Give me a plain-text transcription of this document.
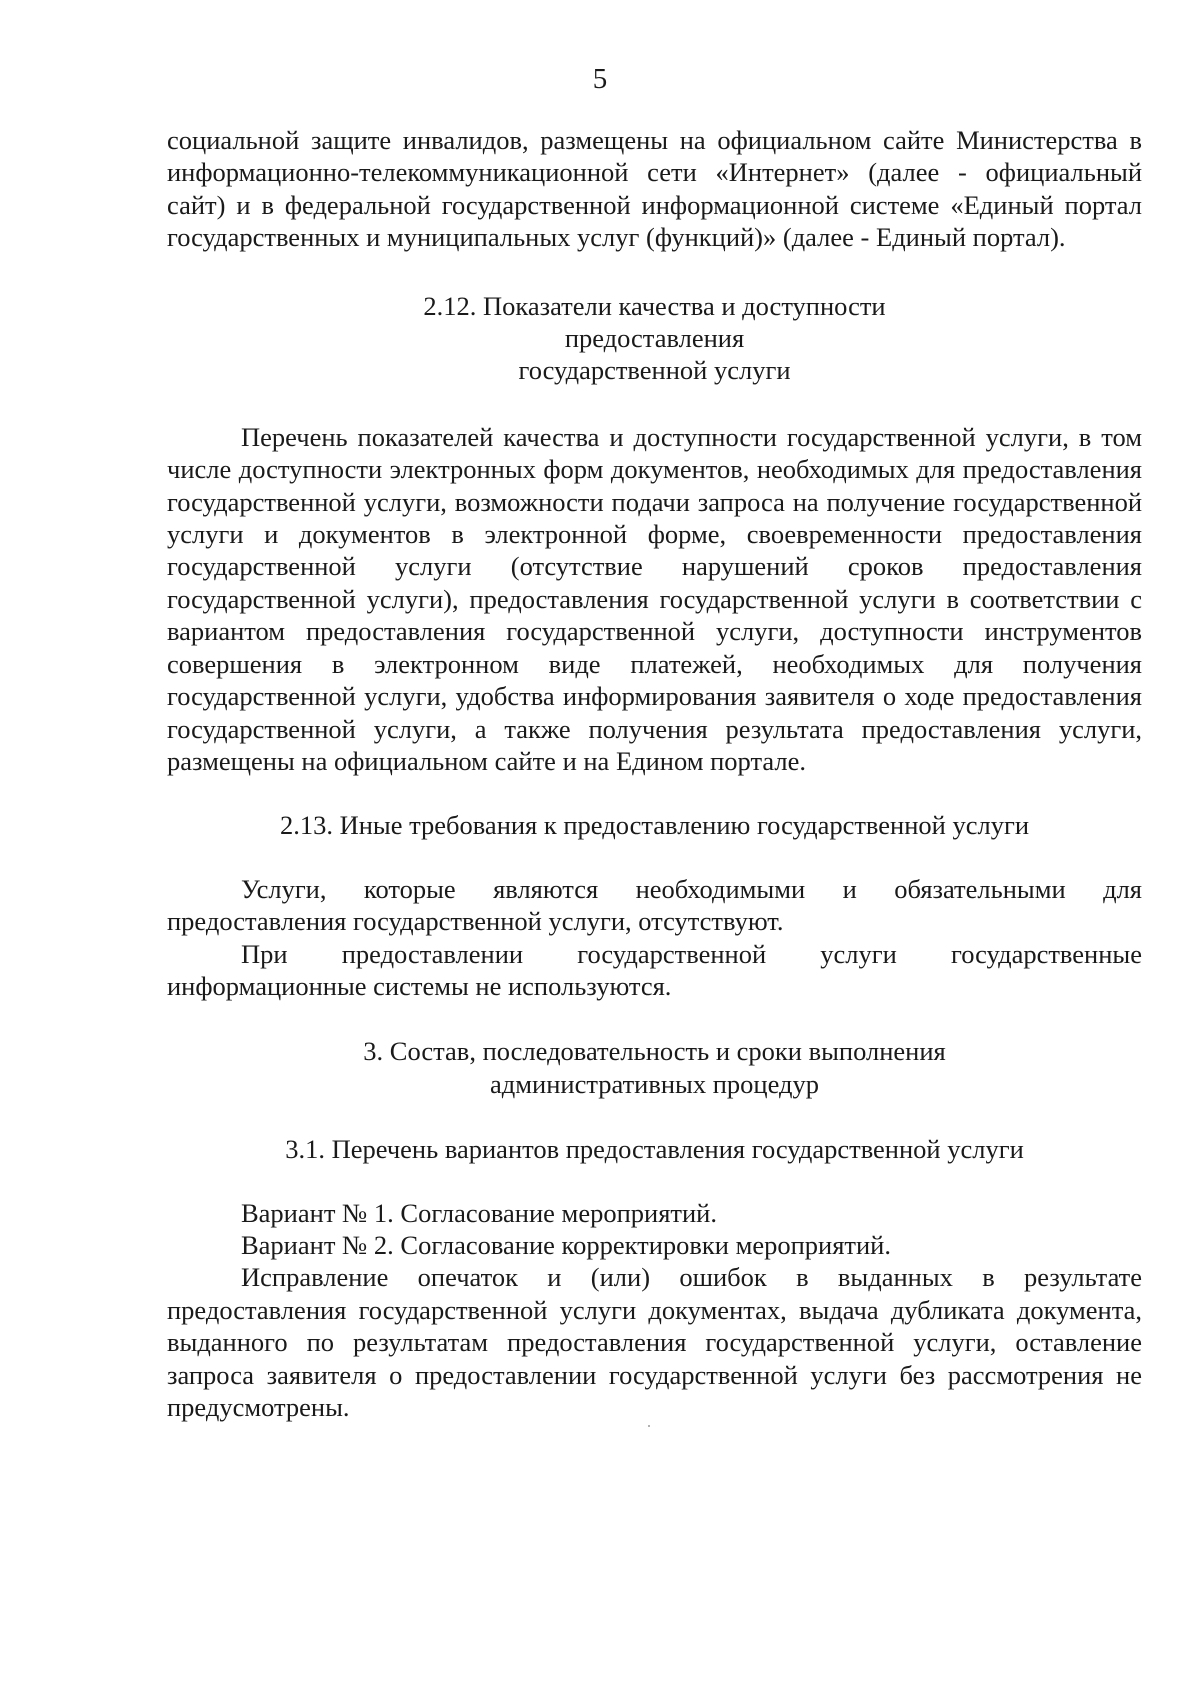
5

социальной защите инвалидов, размещены на официальном сайте Министерства в информационно-телекоммуникационной сети «Интернет» (далее - официальный сайт) и в федеральной государственной информационной системе «Единый портал государственных и муниципальных услуг (функций)» (далее - Единый портал).

2.12. Показатели качества и доступности предоставления
государственной услуги

Перечень показателей качества и доступности государственной услуги, в том числе доступности электронных форм документов, необходимых для предоставления государственной услуги, возможности подачи запроса на получение государственной услуги и документов в электронной форме, своевременности предоставления государственной услуги (отсутствие нарушений сроков предоставления государственной услуги), предоставления государственной услуги в соответствии с вариантом предоставления государственной услуги, доступности инструментов совершения в электронном виде платежей, необходимых для получения государственной услуги, удобства информирования заявителя о ходе предоставления государственной услуги, а также получения результата предоставления услуги, размещены на официальном сайте и на Едином портале.

2.13. Иные требования к предоставлению государственной услуги

Услуги, которые являются необходимыми и обязательными для предоставления государственной услуги, отсутствуют.

При предоставлении государственной услуги государственные информационные системы не используются.

3. Состав, последовательность и сроки выполнения
административных процедур
3.1. Перечень вариантов предоставления государственной услуги

Вариант № 1. Согласование мероприятий.

Вариант № 2. Согласование корректировки мероприятий.

Исправление опечаток и (или) ошибок в выданных в результате предоставления государственной услуги документах, выдача дубликата документа, выданного по результатам предоставления государственной услуги, оставление запроса заявителя о предоставлении государственной услуги без рассмотрения не предусмотрены.
